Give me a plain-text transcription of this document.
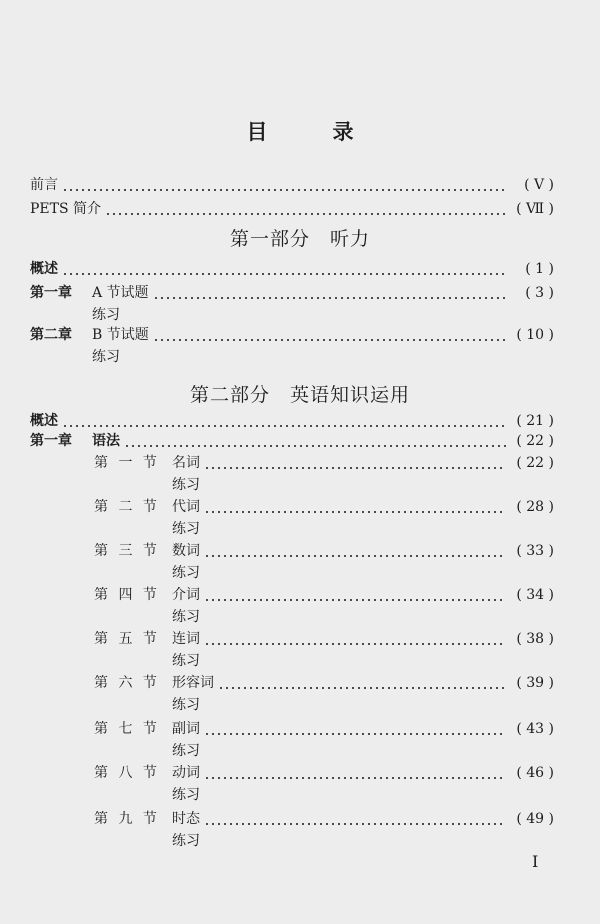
目　录
前言	( Ⅴ )
PETS 简介	( Ⅶ )
第一部分　听力
概述	( 1 )
第一章 A 节试题	( 3 )
练习
第二章 B 节试题	( 10 )
练习
第二部分　英语知识运用
概述	( 21 )
第一章 语法	( 22 )
第 一 节 名词	( 22 )
练习
第 二 节 代词	( 28 )
练习
第 三 节 数词	( 33 )
练习
第 四 节 介词	( 34 )
练习
第 五 节 连词	( 38 )
练习
第 六 节 形容词	( 39 )
练习
第 七 节 副词	( 43 )
练习
第 八 节 动词	( 46 )
练习
第 九 节 时态	( 49 )
练习
I
